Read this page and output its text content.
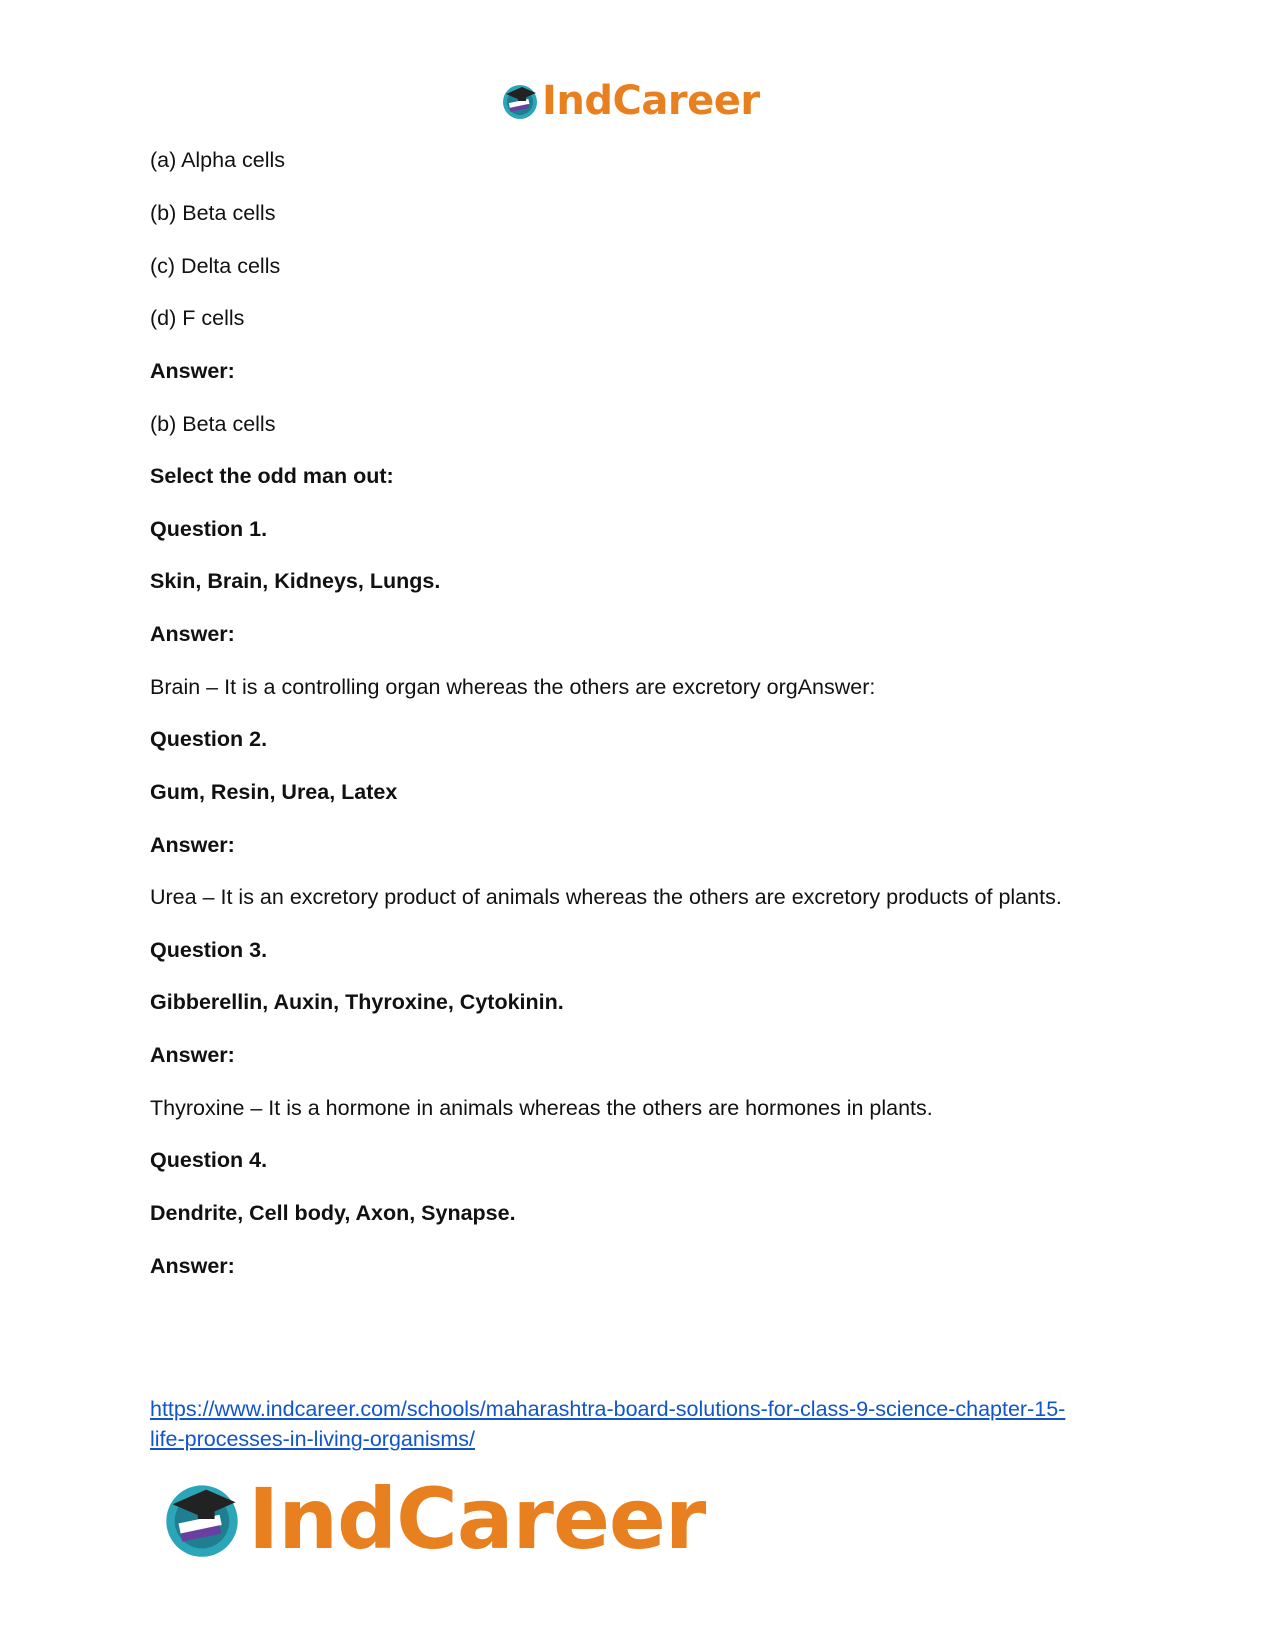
IndCareer
(a) Alpha cells
(b) Beta cells
(c) Delta cells
(d) F cells
Answer:
(b) Beta cells
Select the odd man out:
Question 1.
Skin, Brain, Kidneys, Lungs.
Answer:
Brain – It is a controlling organ whereas the others are excretory orgAnswer:
Question 2.
Gum, Resin, Urea, Latex
Answer:
Urea – It is an excretory product of animals whereas the others are excretory products of plants.
Question 3.
Gibberellin, Auxin, Thyroxine, Cytokinin.
Answer:
Thyroxine – It is a hormone in animals whereas the others are hormones in plants.
Question 4.
Dendrite, Cell body, Axon, Synapse.
Answer:
https://www.indcareer.com/schools/maharashtra-board-solutions-for-class-9-science-chapter-15-
life-processes-in-living-organisms/
IndCareer
